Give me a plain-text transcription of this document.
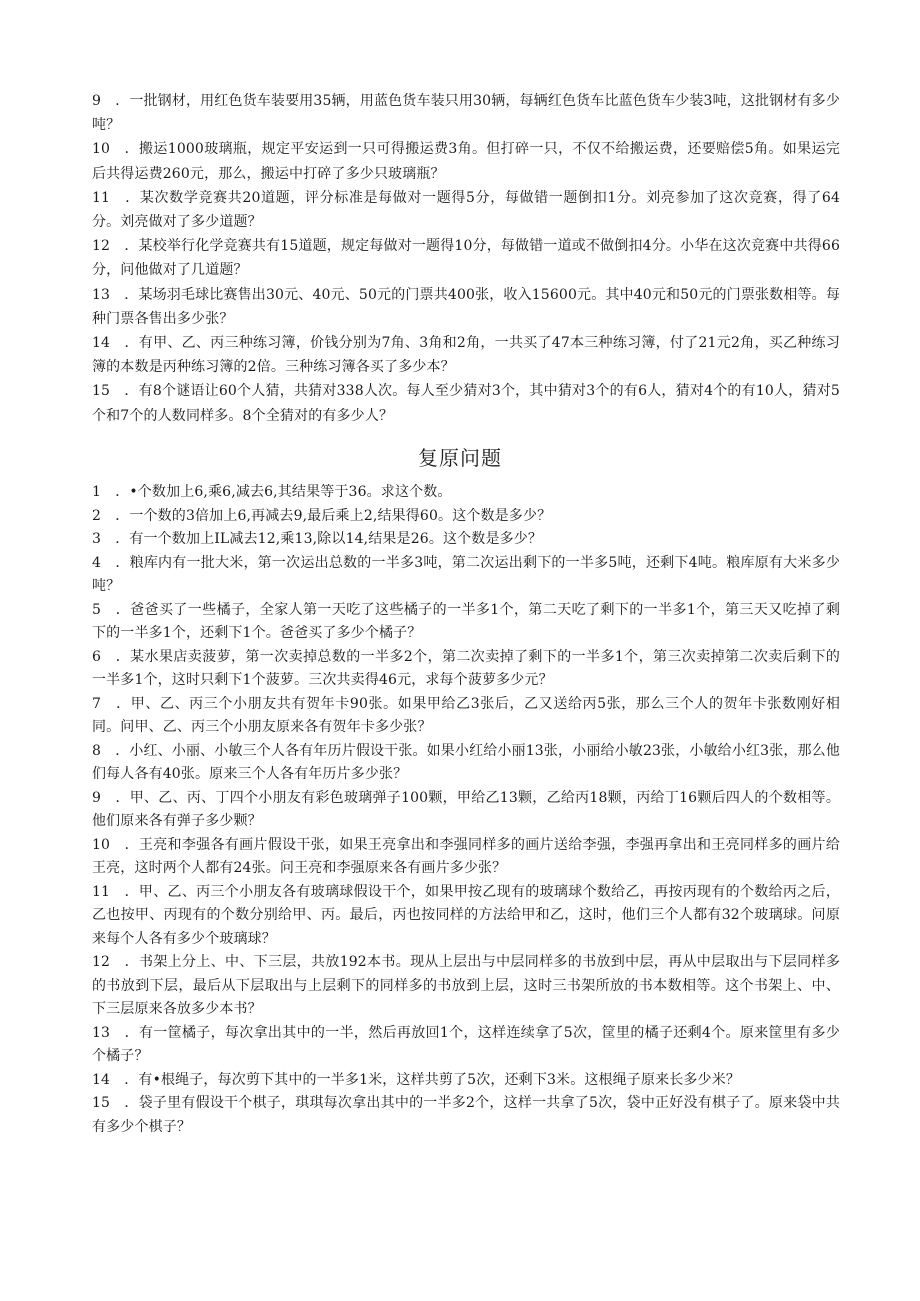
9　．一批钢材，用红色货车装要用35辆，用蓝色货车装只用30辆，每辆红色货车比蓝色货车少装3吨，这批钢材有多少吨？

10　．搬运1000玻璃瓶，规定平安运到一只可得搬运费3角。但打碎一只，不仅不给搬运费，还要赔偿5角。如果运完后共得运费260元，那么，搬运中打碎了多少只玻璃瓶？

11　．某次数学竞赛共20道题，评分标准是每做对一题得5分，每做错一题倒扣1分。刘亮参加了这次竞赛，得了64分。刘亮做对了多少道题？

12　．某校举行化学竞赛共有15道题，规定每做对一题得10分，每做错一道或不做倒扣4分。小华在这次竞赛中共得66分，问他做对了几道题？

13　．某场羽毛球比赛售出30元、40元、50元的门票共400张，收入15600元。其中40元和50元的门票张数相等。每种门票各售出多少张？

14　．有甲、乙、丙三种练习簿，价钱分别为7角、3角和2角，一共买了47本三种练习簿，付了21元2角，买乙种练习簿的本数是丙种练习簿的2倍。三种练习簿各买了多少本？

15　．有8个谜语让60个人猜，共猜对338人次。每人至少猜对3个，其中猜对3个的有6人，猜对4个的有10人，猜对5个和7个的人数同样多。8个全猜对的有多少人？

复原问题

1　．•个数加上6,乘6,减去6,其结果等于36。求这个数。

2　．一个数的3倍加上6,再减去9,最后乘上2,结果得60。这个数是多少？

3　．有一个数加上IL减去12,乘13,除以14,结果是26。这个数是多少？

4　．粮库内有一批大米，第一次运出总数的一半多3吨，第二次运出剩下的一半多5吨，还剩下4吨。粮库原有大米多少吨？

5　．爸爸买了一些橘子，全家人第一天吃了这些橘子的一半多1个，第二天吃了剩下的一半多1个，第三天又吃掉了剩下的一半多1个，还剩下1个。爸爸买了多少个橘子？

6　．某水果店卖菠萝，第一次卖掉总数的一半多2个，第二次卖掉了剩下的一半多1个，第三次卖掉第二次卖后剩下的一半多1个，这时只剩下1个菠萝。三次共卖得46元，求每个菠萝多少元？

7　．甲、乙、丙三个小朋友共有贺年卡90张。如果甲给乙3张后，乙又送给丙5张，那么三个人的贺年卡张数刚好相同。问甲、乙、丙三个小朋友原来各有贺年卡多少张？

8　．小红、小丽、小敏三个人各有年历片假设干张。如果小红给小丽13张，小丽给小敏23张，小敏给小红3张，那么他们每人各有40张。原来三个人各有年历片多少张？

9　．甲、乙、丙、丁四个小朋友有彩色玻璃弹子100颗，甲给乙13颗，乙给丙18颗，丙给丁16颗后四人的个数相等。他们原来各有弹子多少颗？

10　．王亮和李强各有画片假设干张，如果王亮拿出和李强同样多的画片送给李强，李强再拿出和王亮同样多的画片给王亮，这时两个人都有24张。问王亮和李强原来各有画片多少张？

11　．甲、乙、丙三个小朋友各有玻璃球假设干个，如果甲按乙现有的玻璃球个数给乙，再按丙现有的个数给丙之后，乙也按甲、丙现有的个数分别给甲、丙。最后，丙也按同样的方法给甲和乙，这时，他们三个人都有32个玻璃球。问原来每个人各有多少个玻璃球？

12　．书架上分上、中、下三层，共放192本书。现从上层出与中层同样多的书放到中层，再从中层取出与下层同样多的书放到下层，最后从下层取出与上层剩下的同样多的书放到上层，这时三书架所放的书本数相等。这个书架上、中、下三层原来各放多少本书？

13　．有一筐橘子，每次拿出其中的一半，然后再放回1个，这样连续拿了5次，筐里的橘子还剩4个。原来筐里有多少个橘子？

14　．有•根绳子，每次剪下其中的一半多1米，这样共剪了5次，还剩下3米。这根绳子原来长多少米？

15　．袋子里有假设干个棋子，琪琪每次拿出其中的一半多2个，这样一共拿了5次，袋中正好没有棋子了。原来袋中共有多少个棋子？
